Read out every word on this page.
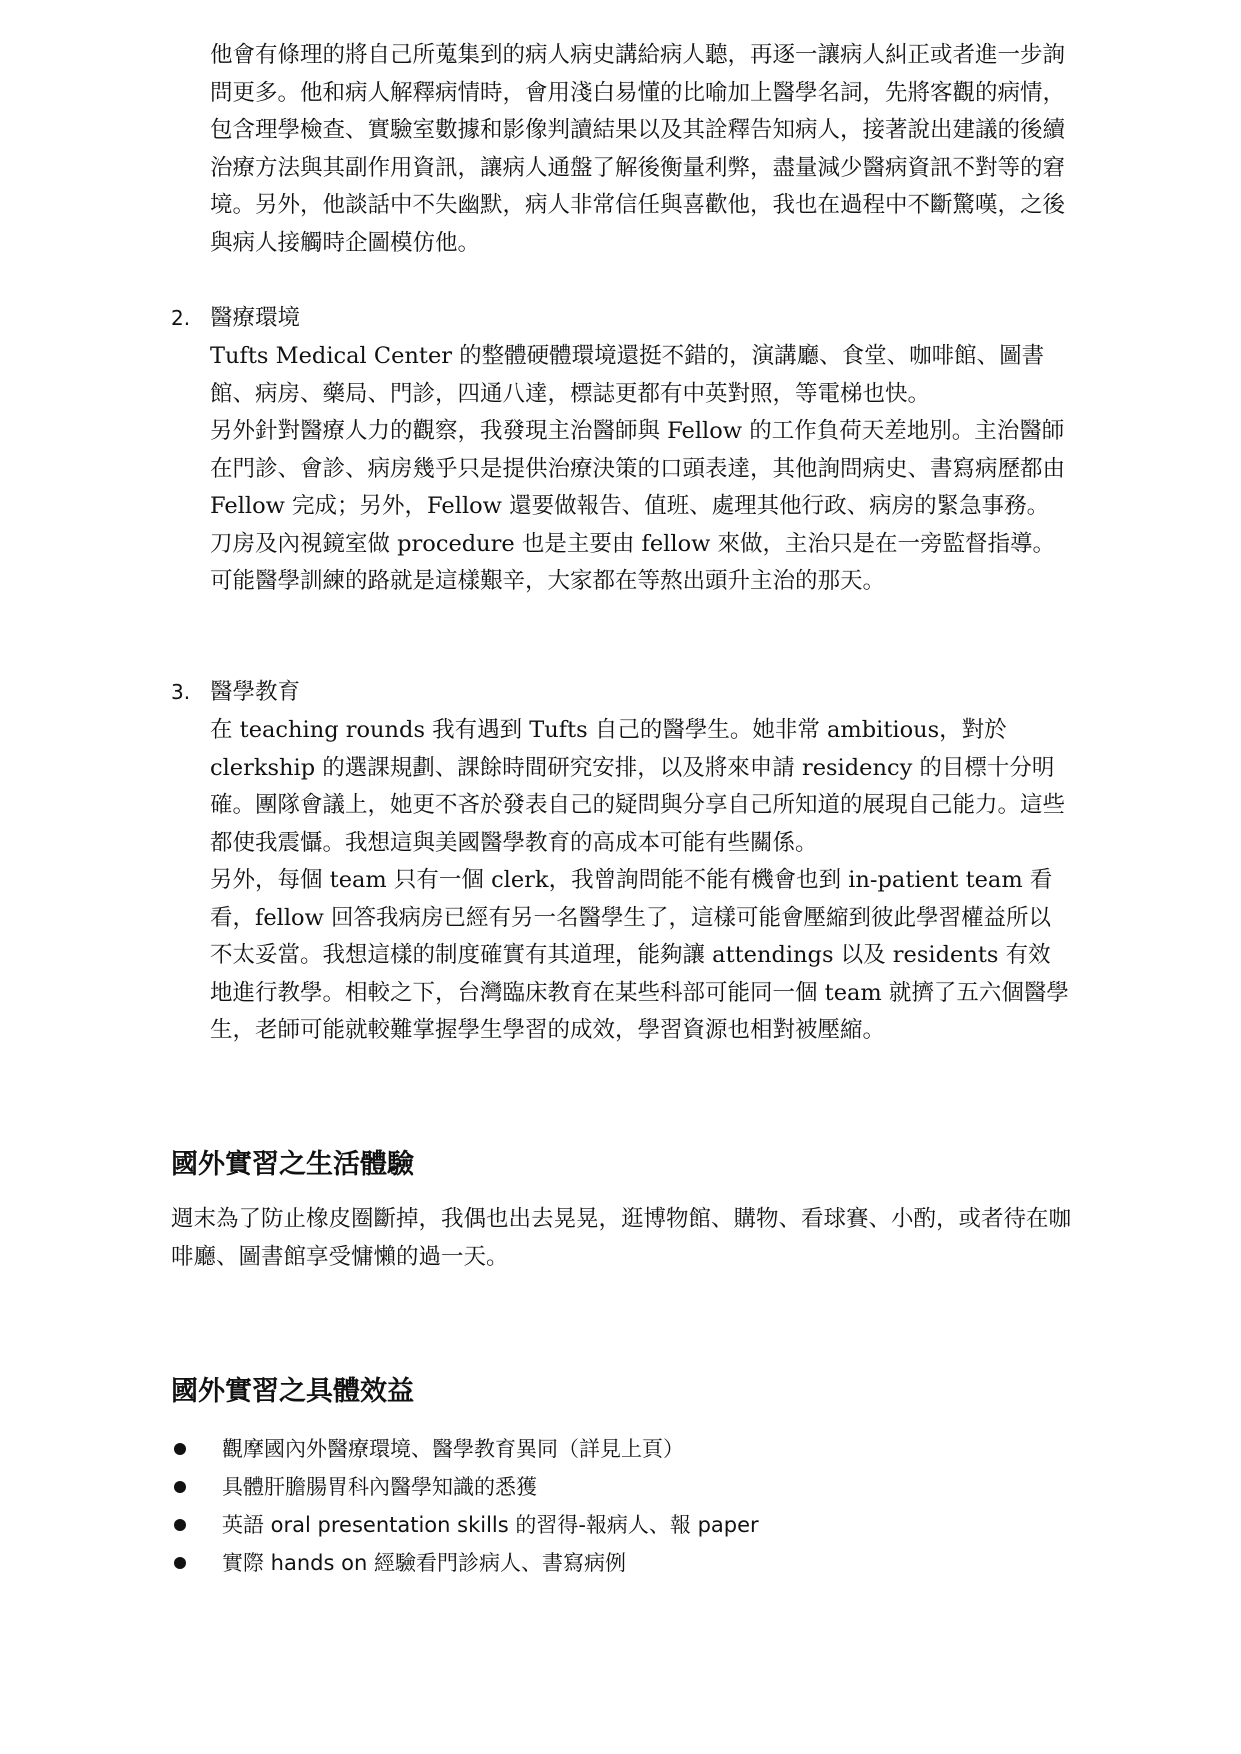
他會有條理的將自己所蒐集到的病人病史講給病人聽，再逐一讓病人糾正或者進一步詢問更多。他和病人解釋病情時，會用淺白易懂的比喻加上醫學名詞，先將客觀的病情，包含理學檢查、實驗室數據和影像判讀結果以及其詮釋告知病人，接著說出建議的後續治療方法與其副作用資訊，讓病人通盤了解後衡量利弊，盡量減少醫病資訊不對等的窘境。另外，他談話中不失幽默，病人非常信任與喜歡他，我也在過程中不斷驚嘆，之後與病人接觸時企圖模仿他。

2. 醫療環境

Tufts Medical Center 的整體硬體環境還挺不錯的，演講廳、食堂、咖啡館、圖書館、病房、藥局、門診，四通八達，標誌更都有中英對照，等電梯也快。

另外針對醫療人力的觀察，我發現主治醫師與 Fellow 的工作負荷天差地別。主治醫師在門診、會診、病房幾乎只是提供治療決策的口頭表達，其他詢問病史、書寫病歷都由 Fellow 完成；另外，Fellow 還要做報告、值班、處理其他行政、病房的緊急事務。刀房及內視鏡室做 procedure 也是主要由 fellow 來做，主治只是在一旁監督指導。可能醫學訓練的路就是這樣艱辛，大家都在等熬出頭升主治的那天。

3. 醫學教育

在 teaching rounds 我有遇到 Tufts 自己的醫學生。她非常 ambitious，對於 clerkship 的選課規劃、課餘時間研究安排，以及將來申請 residency 的目標十分明確。團隊會議上，她更不吝於發表自己的疑問與分享自己所知道的展現自己能力。這些都使我震懾。我想這與美國醫學教育的高成本可能有些關係。

另外，每個 team 只有一個 clerk，我曾詢問能不能有機會也到 in-patient team 看看，fellow 回答我病房已經有另一名醫學生了，這樣可能會壓縮到彼此學習權益所以不太妥當。我想這樣的制度確實有其道理，能夠讓 attendings 以及 residents 有效地進行教學。相較之下，台灣臨床教育在某些科部可能同一個 team 就擠了五六個醫學生，老師可能就較難掌握學生學習的成效，學習資源也相對被壓縮。

國外實習之生活體驗

週末為了防止橡皮圈斷掉，我偶也出去晃晃，逛博物館、購物、看球賽、小酌，或者待在咖啡廳、圖書館享受慵懶的過一天。

國外實習之具體效益
觀摩國內外醫療環境、醫學教育異同（詳見上頁）
具體肝膽腸胃科內醫學知識的悉獲
英語 oral presentation skills 的習得-報病人、報 paper
實際 hands on 經驗看門診病人、書寫病例
